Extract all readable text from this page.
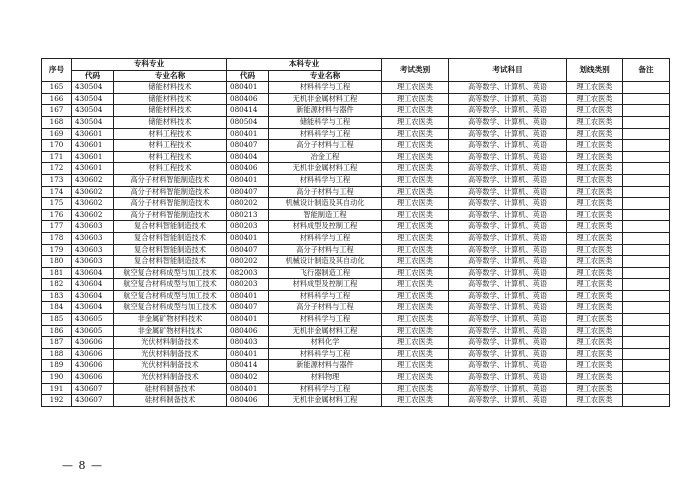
序号	专科专业		本科专业		考试类别	考试科目	划线类别	备注
	代码	专业名称	代码	专业名称				
165	430504	储能材料技术	080401	材料科学与工程	理工农医类	高等数学、计算机、英语	理工农医类	
166	430504	储能材料技术	080406	无机非金属材料工程	理工农医类	高等数学、计算机、英语	理工农医类	
167	430504	储能材料技术	080414	新能源材料与器件	理工农医类	高等数学、计算机、英语	理工农医类	
168	430504	储能材料技术	080504	储能科学与工程	理工农医类	高等数学、计算机、英语	理工农医类	
169	430601	材料工程技术	080401	材料科学与工程	理工农医类	高等数学、计算机、英语	理工农医类	
170	430601	材料工程技术	080407	高分子材料与工程	理工农医类	高等数学、计算机、英语	理工农医类	
171	430601	材料工程技术	080404	冶金工程	理工农医类	高等数学、计算机、英语	理工农医类	
172	430601	材料工程技术	080406	无机非金属材料工程	理工农医类	高等数学、计算机、英语	理工农医类	
173	430602	高分子材料智能制造技术	080401	材料科学与工程	理工农医类	高等数学、计算机、英语	理工农医类	
174	430602	高分子材料智能制造技术	080407	高分子材料与工程	理工农医类	高等数学、计算机、英语	理工农医类	
175	430602	高分子材料智能制造技术	080202	机械设计制造及其自动化	理工农医类	高等数学、计算机、英语	理工农医类	
176	430602	高分子材料智能制造技术	080213	智能制造工程	理工农医类	高等数学、计算机、英语	理工农医类	
177	430603	复合材料智能制造技术	080203	材料成型及控制工程	理工农医类	高等数学、计算机、英语	理工农医类	
178	430603	复合材料智能制造技术	080401	材料科学与工程	理工农医类	高等数学、计算机、英语	理工农医类	
179	430603	复合材料智能制造技术	080407	高分子材料与工程	理工农医类	高等数学、计算机、英语	理工农医类	
180	430603	复合材料智能制造技术	080202	机械设计制造及其自动化	理工农医类	高等数学、计算机、英语	理工农医类	
181	430604	航空复合材料成型与加工技术	082003	飞行器制造工程	理工农医类	高等数学、计算机、英语	理工农医类	
182	430604	航空复合材料成型与加工技术	080203	材料成型及控制工程	理工农医类	高等数学、计算机、英语	理工农医类	
183	430604	航空复合材料成型与加工技术	080401	材料科学与工程	理工农医类	高等数学、计算机、英语	理工农医类	
184	430604	航空复合材料成型与加工技术	080407	高分子材料与工程	理工农医类	高等数学、计算机、英语	理工农医类	
185	430605	非金属矿物材料技术	080401	材料科学与工程	理工农医类	高等数学、计算机、英语	理工农医类	
186	430605	非金属矿物材料技术	080406	无机非金属材料工程	理工农医类	高等数学、计算机、英语	理工农医类	
187	430606	光伏材料制备技术	080403	材料化学	理工农医类	高等数学、计算机、英语	理工农医类	
188	430606	光伏材料制备技术	080401	材料科学与工程	理工农医类	高等数学、计算机、英语	理工农医类	
189	430606	光伏材料制备技术	080414	新能源材料与器件	理工农医类	高等数学、计算机、英语	理工农医类	
190	430606	光伏材料制备技术	080402	材料物理	理工农医类	高等数学、计算机、英语	理工农医类	
191	430607	硅材料制备技术	080401	材料科学与工程	理工农医类	高等数学、计算机、英语	理工农医类	
192	430607	硅材料制备技术	080406	无机非金属材料工程	理工农医类	高等数学、计算机、英语	理工农医类	
— 8 —
